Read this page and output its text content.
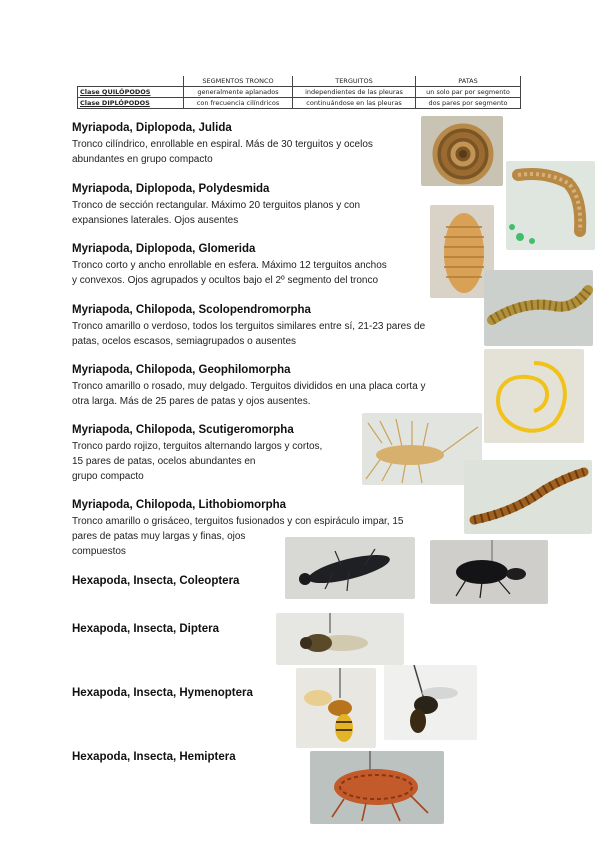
	SEGMENTOS TRONCO	TERGUITOS	PATAS
Clase QUILÓPODOS	generalmente aplanados	independientes de las pleuras	un solo par por segmento
Clase DIPLÓPODOS	con frecuencia cilíndricos	continuándose en las pleuras	dos pares por segmento
Myriapoda, Diplopoda, Julida
Tronco cilíndrico, enrollable en espiral. Más de 30 terguitos y ocelos
abundantes en grupo compacto
Myriapoda, Diplopoda, Polydesmida
Tronco de sección rectangular. Máximo 20 terguitos planos y con
expansiones laterales. Ojos ausentes
Myriapoda, Diplopoda, Glomerida
Tronco corto y ancho enrollable en esfera. Máximo 12 terguitos anchos
y convexos. Ojos agrupados y ocultos bajo el 2º segmento del tronco
Myriapoda, Chilopoda, Scolopendromorpha
Tronco amarillo o verdoso, todos los terguitos similares entre sí, 21-23 pares de
patas, ocelos escasos, semiagrupados o ausentes
Myriapoda, Chilopoda, Geophilomorpha
Tronco amarillo o rosado, muy delgado. Terguitos divididos en una placa corta y
otra larga. Más de 25 pares de patas y ojos ausentes.
Myriapoda, Chilopoda, Scutigeromorpha
Tronco pardo rojizo, terguitos alternando largos y cortos,
15 pares de patas, ocelos abundantes en
grupo compacto
Myriapoda, Chilopoda, Lithobiomorpha
Tronco amarillo o grisáceo, terguitos fusionados y con espiráculo impar, 15
pares de patas muy largas y finas, ojos
compuestos
Hexapoda, Insecta, Coleoptera
Hexapoda, Insecta, Diptera
Hexapoda, Insecta, Hymenoptera
Hexapoda, Insecta, Hemiptera
